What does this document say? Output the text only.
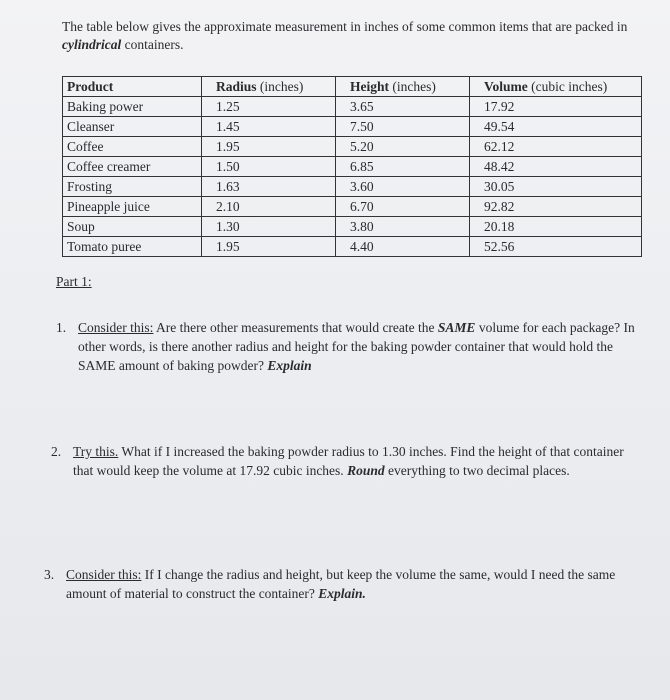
The table below gives the approximate measurement in inches of some common items that are packed in cylindrical containers.

Product	Radius (inches)	Height (inches)	Volume (cubic inches)
Baking power	1.25	3.65	17.92
Cleanser	1.45	7.50	49.54
Coffee	1.95	5.20	62.12
Coffee creamer	1.50	6.85	48.42
Frosting	1.63	3.60	30.05
Pineapple juice	2.10	6.70	92.82
Soup	1.30	3.80	20.18
Tomato puree	1.95	4.40	52.56
Part 1:

1. Consider this: Are there other measurements that would create the SAME volume for each package? In other words, is there another radius and height for the baking powder container that would hold the SAME amount of baking powder? Explain

2. Try this. What if I increased the baking powder radius to 1.30 inches. Find the height of that container that would keep the volume at 17.92 cubic inches. Round everything to two decimal places.

3. Consider this: If I change the radius and height, but keep the volume the same, would I need the same amount of material to construct the container? Explain.
